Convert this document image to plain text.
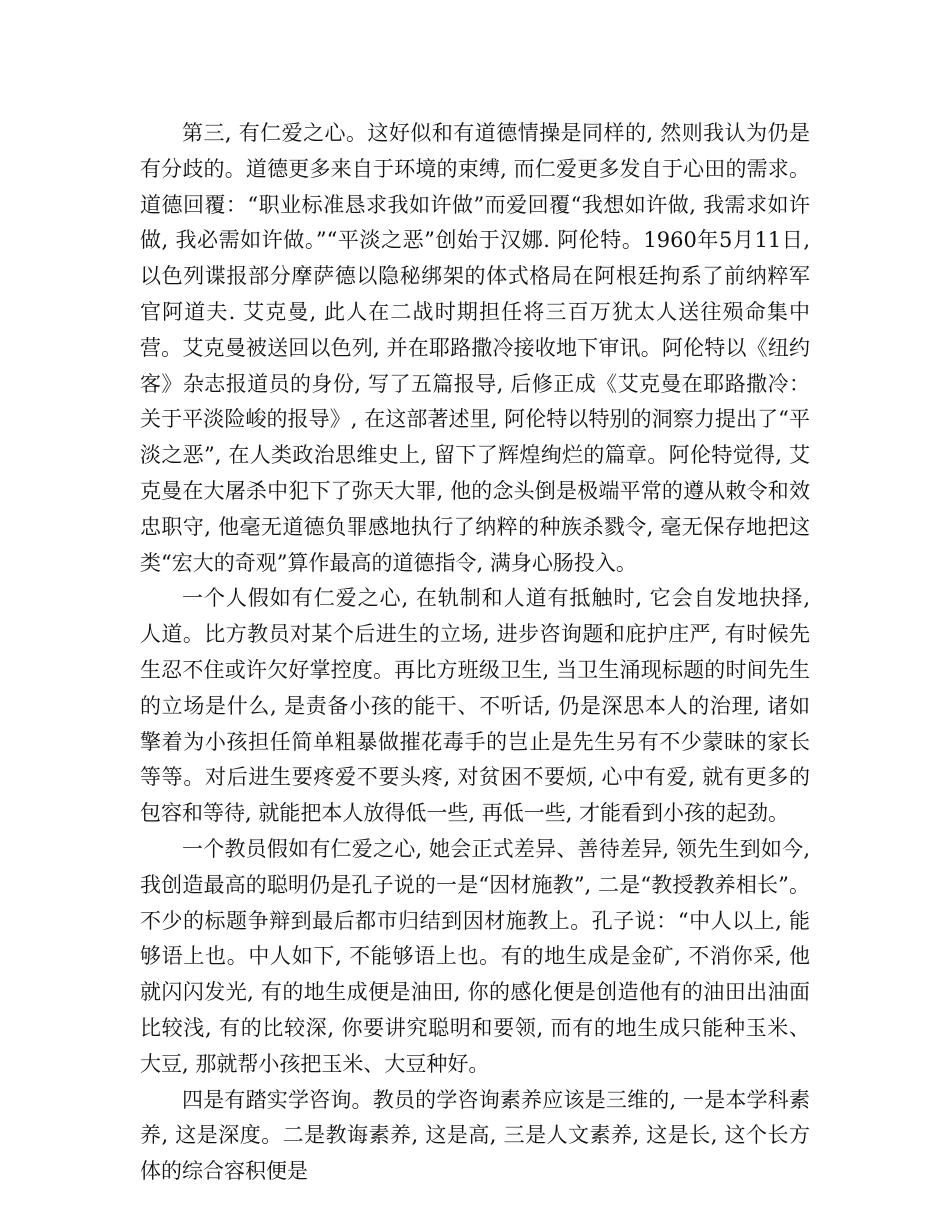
第三, 有仁爱之心。这好似和有道德情操是同样的, 然则我认为仍是有分歧的。道德更多来自于环境的束缚, 而仁爱更多发自于心田的需求。道德回覆：“职业标准恳求我如许做”而爱回覆“我想如许做, 我需求如许做, 我必需如许做。”“平淡之恶”创始于汉娜. 阿伦特。1960年5月11日, 以色列谍报部分摩萨德以隐秘绑架的体式格局在阿根廷拘系了前纳粹军官阿道夫. 艾克曼, 此人在二战时期担任将三百万犹太人送往殒命集中营。艾克曼被送回以色列, 并在耶路撒冷接收地下审讯。阿伦特以《纽约客》杂志报道员的身份, 写了五篇报导, 后修正成《艾克曼在耶路撒冷：关于平淡险峻的报导》, 在这部著述里, 阿伦特以特别的洞察力提出了“平淡之恶”, 在人类政治思维史上, 留下了辉煌绚烂的篇章。阿伦特觉得, 艾克曼在大屠杀中犯下了弥天大罪, 他的念头倒是极端平常的遵从敕令和效忠职守, 他毫无道德负罪感地执行了纳粹的种族杀戮令, 毫无保存地把这类“宏大的奇观”算作最高的道德指令, 满身心肠投入。

一个人假如有仁爱之心, 在轨制和人道有抵触时, 它会自发地抉择, 人道。比方教员对某个后进生的立场, 进步咨询题和庇护庄严, 有时候先生忍不住或许欠好掌控度。再比方班级卫生, 当卫生涌现标题的时间先生的立场是什么, 是责备小孩的能干、不听话, 仍是深思本人的治理, 诸如擎着为小孩担任简单粗暴做摧花毒手的岂止是先生另有不少蒙昧的家长等等。对后进生要疼爱不要头疼, 对贫困不要烦, 心中有爱, 就有更多的包容和等待, 就能把本人放得低一些, 再低一些, 才能看到小孩的起劲。

一个教员假如有仁爱之心, 她会正式差异、善待差异, 领先生到如今, 我创造最高的聪明仍是孔子说的一是“因材施教”, 二是“教授教养相长”。不少的标题争辩到最后都市归结到因材施教上。孔子说：“中人以上, 能够语上也。中人如下, 不能够语上也。有的地生成是金矿, 不消你采, 他就闪闪发光, 有的地生成便是油田, 你的感化便是创造他有的油田出油面比较浅, 有的比较深, 你要讲究聪明和要领, 而有的地生成只能种玉米、大豆, 那就帮小孩把玉米、大豆种好。

四是有踏实学咨询。教员的学咨询素养应该是三维的, 一是本学科素养, 这是深度。二是教诲素养, 这是高, 三是人文素养, 这是长, 这个长方体的综合容积便是
